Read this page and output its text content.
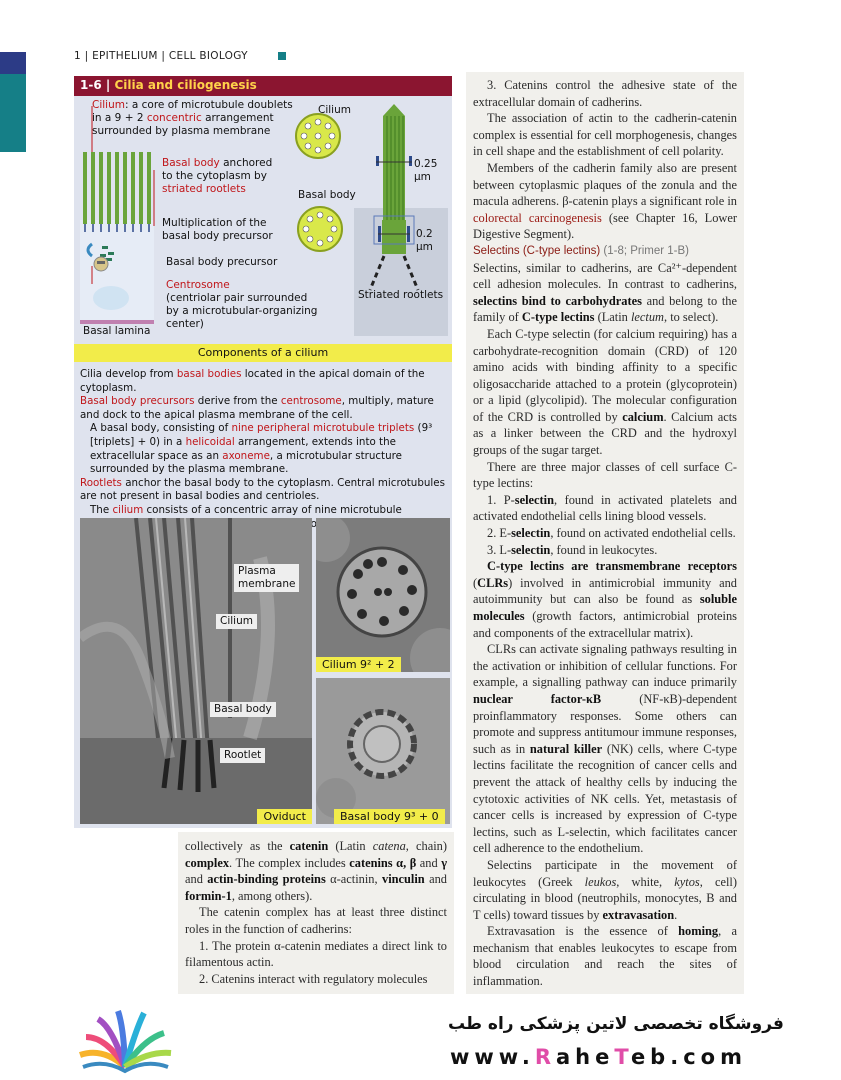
1 | EPITHELIUM | CELL BIOLOGY
1-6 | Cilia and ciliogenesis
Cilium: a core of microtubule doublets
in a 9 + 2 concentric arrangement
surrounded by plasma membrane
Basal body anchored
to the cytoplasm by
striated rootlets
Multiplication of the
basal body precursor
Basal body precursor
Centrosome
(centriolar pair surrounded
by a microtubular-organizing
center)
Basal lamina
Cilium
Basal body
0.25 μm
0.2 μm
Striated rootlets
Components of a cilium

Cilia develop from basal bodies located in the apical domain of the cytoplasm.

Basal body precursors derive from the centrosome, multiply, mature and dock to the apical plasma membrane of the cell.

A basal body, consisting of nine peripheral microtubule triplets (9³ [triplets] + 0) in a helicoidal arrangement, extends into the extracellular space as an axoneme, a microtubular structure surrounded by the plasma membrane.

Rootlets anchor the basal body to the cytoplasm. Central microtubules are not present in basal bodies and centrioles.

The cilium consists of a concentric array of nine microtubule

Plasma
membrane
Cilium
Basal body
Rootlet
Oviduct
Cilium 9² + 2
Basal body 9³ + 0

collectively as the catenin (Latin catena, chain) complex. The complex includes catenins α, β and γ and actin-binding proteins α-actinin, vinculin and formin-1, among others).

The catenin complex has at least three distinct roles in the function of cadherins:

1. The protein α-catenin mediates a direct link to filamentous actin.

2. Catenins interact with regulatory molecules

3. Catenins control the adhesive state of the extracellular domain of cadherins.

The association of actin to the cadherin-catenin complex is essential for cell morphogenesis, changes in cell shape and the establishment of cell polarity.

Members of the cadherin family also are present between cytoplasmic plaques of the zonula and the macula adherens. β-catenin plays a significant role in colorectal carcinogenesis (see Chapter 16, Lower Digestive Segment).

Selectins (C-type lectins) (1-8; Primer 1-B)

Selectins, similar to cadherins, are Ca²⁺-dependent cell adhesion molecules. In contrast to cadherins, selectins bind to carbohydrates and belong to the family of C-type lectins (Latin lectum, to select).

Each C-type selectin (for calcium requiring) has a carbohydrate-recognition domain (CRD) of 120 amino acids with binding affinity to a specific oligosaccharide attached to a protein (glycoprotein) or a lipid (glycolipid). The molecular configuration of the CRD is controlled by calcium. Calcium acts as a linker between the CRD and the hydroxyl groups of the sugar target.

There are three major classes of cell surface C-type lectins:

1. P-selectin, found in activated platelets and activated endothelial cells lining blood vessels.

2. E-selectin, found on activated endothelial cells.

3. L-selectin, found in leukocytes.

C-type lectins are transmembrane receptors (CLRs) involved in antimicrobial immunity and autoimmunity but can also be found as soluble molecules (growth factors, antimicrobial proteins and components of the extracellular matrix).

CLRs can activate signaling pathways resulting in the activation or inhibition of cellular functions. For example, a signalling pathway can induce primarily nuclear factor-κB (NF-κB)-dependent proinflammatory responses. Some others can promote and suppress antitumour immune responses, such as in natural killer (NK) cells, where C-type lectins facilitate the recognition of cancer cells and prevent the attack of healthy cells by inducing the cytotoxic activities of NK cells. Yet, metastasis of cancer cells is increased by expression of C-type lectins, such as L-selectin, which facilitates cancer cell adherence to the endothelium.

Selectins participate in the movement of leukocytes (Greek leukos, white, kytos, cell) circulating in blood (neutrophils, monocytes, B and T cells) toward tissues by extravasation.

Extravasation is the essence of homing, a mechanism that enables leukocytes to escape from blood circulation and reach the sites of inflammation.

فروشگاه تخصصی لاتین پزشکی راه طب
www.RaheTeb.com
